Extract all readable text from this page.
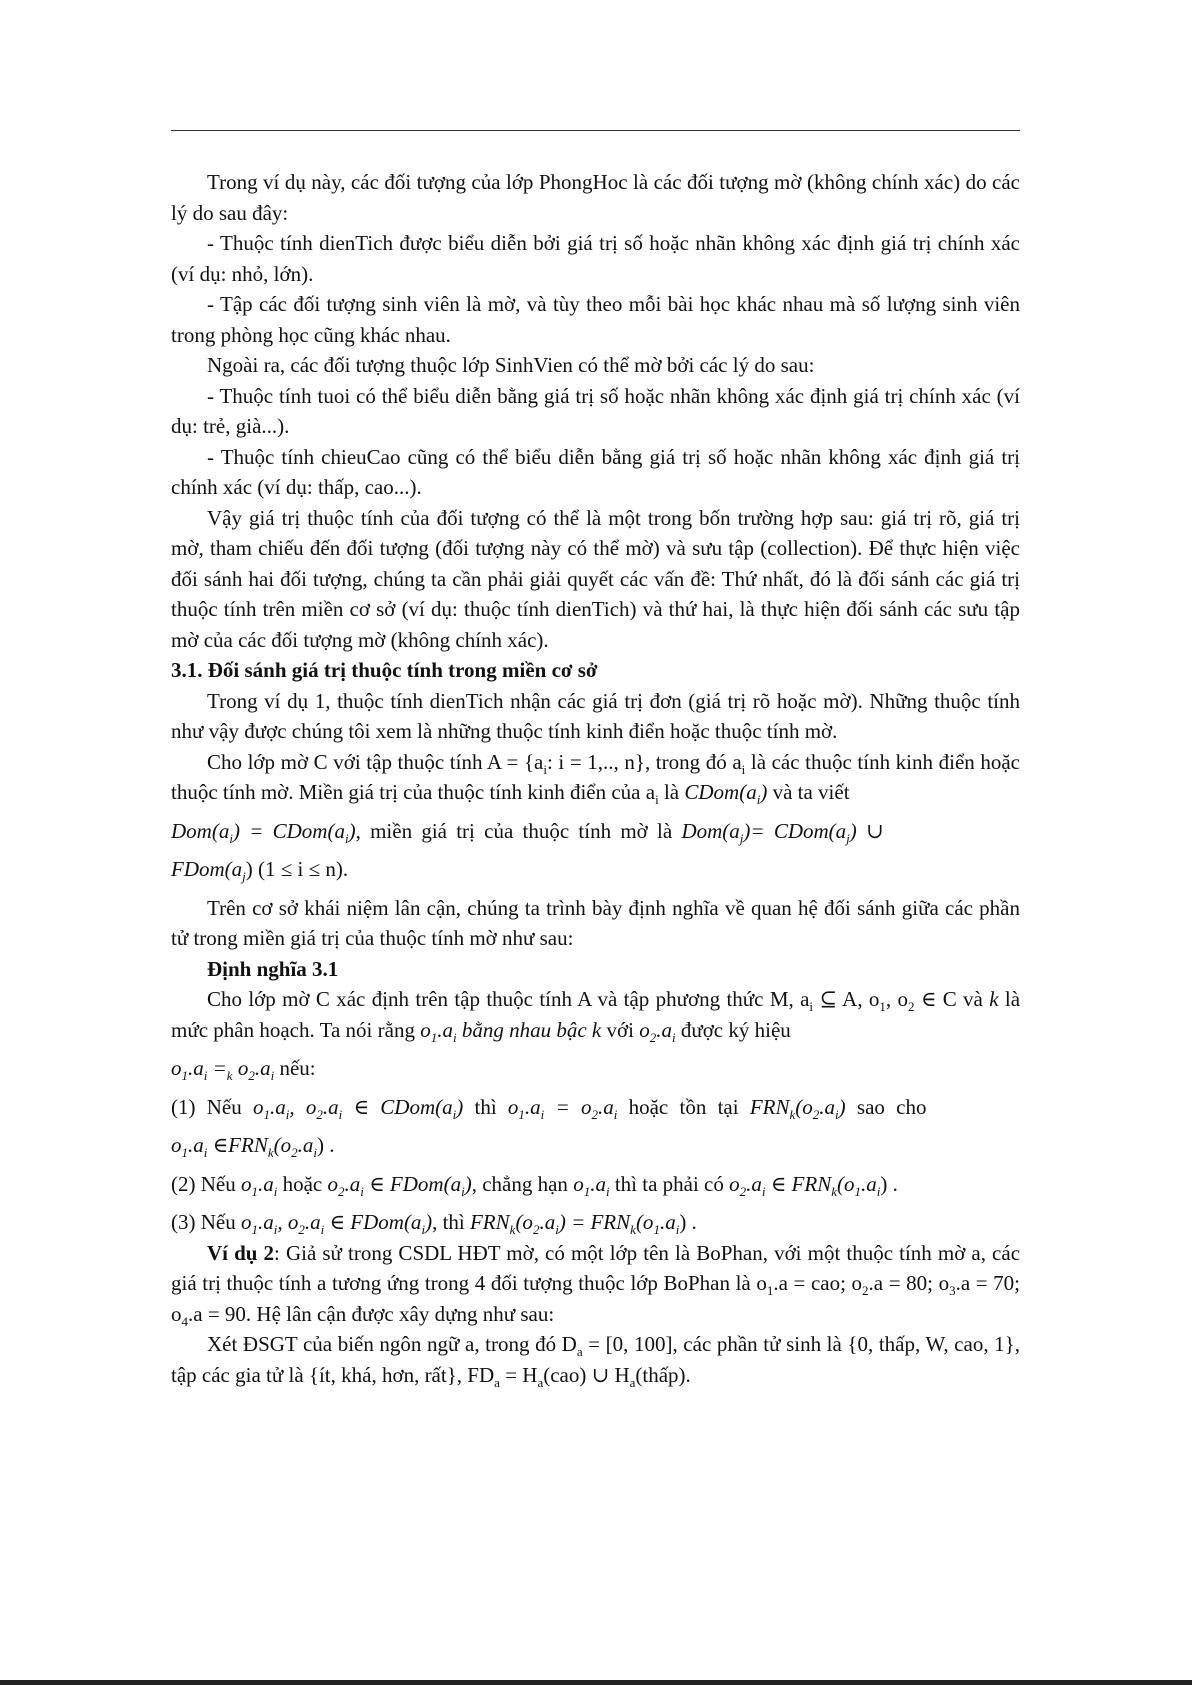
Trong ví dụ này, các đối tượng của lớp PhongHoc là các đối tượng mờ (không chính xác) do các lý do sau đây:

- Thuộc tính dienTich được biểu diễn bởi giá trị số hoặc nhãn không xác định giá trị chính xác (ví dụ: nhỏ, lớn).

- Tập các đối tượng sinh viên là mờ, và tùy theo mỗi bài học khác nhau mà số lượng sinh viên trong phòng học cũng khác nhau.

Ngoài ra, các đối tượng thuộc lớp SinhVien có thể mờ bởi các lý do sau:

- Thuộc tính tuoi có thể biểu diễn bằng giá trị số hoặc nhãn không xác định giá trị chính xác (ví dụ: trẻ, già...).

- Thuộc tính chieuCao cũng có thể biểu diễn bằng giá trị số hoặc nhãn không xác định giá trị chính xác (ví dụ: thấp, cao...).

Vậy giá trị thuộc tính của đối tượng có thể là một trong bốn trường hợp sau: giá trị rõ, giá trị mờ, tham chiếu đến đối tượng (đối tượng này có thể mờ) và sưu tập (collection). Để thực hiện việc đối sánh hai đối tượng, chúng ta cần phải giải quyết các vấn đề: Thứ nhất, đó là đối sánh các giá trị thuộc tính trên miền cơ sở (ví dụ: thuộc tính dienTich) và thứ hai, là thực hiện đối sánh các sưu tập mờ của các đối tượng mờ (không chính xác).

3.1. Đối sánh giá trị thuộc tính trong miền cơ sở

Trong ví dụ 1, thuộc tính dienTich nhận các giá trị đơn (giá trị rõ hoặc mờ). Những thuộc tính như vậy được chúng tôi xem là những thuộc tính kinh điển hoặc thuộc tính mờ.

Cho lớp mờ C với tập thuộc tính $A = \{a_i$: i = 1,.., n}, trong đó $a_i$ là các thuộc tính kinh điển hoặc thuộc tính mờ. Miền giá trị của thuộc tính kinh điển của $a_i$ là $CDom(a_i)$ và ta viết

$Dom(a_i)$ = $CDom(a_i)$, miền giá trị của thuộc tính mờ là $Dom(a_j)=$ $CDom(a_j)$ ∪

$FDom(a_j) (1 \le i \le n)$.

Trên cơ sở khái niệm lân cận, chúng ta trình bày định nghĩa về quan hệ đối sánh giữa các phần tử trong miền giá trị của thuộc tính mờ như sau:

Định nghĩa 3.1

Cho lớp mờ C xác định trên tập thuộc tính A và tập phương thức M, $a_i$ ⊆ A, $o_1$, $o_2$ ∈ C và k là mức phân hoạch. Ta nói rằng $o_1.a_i$ bằng nhau bậc k với $o_2.a_i$ được ký hiệu

$o_1.a_i =_k$ $o_2.a_i$ nếu:

(1) Nếu $o_1.a_i$, $o_2.a_i$ ∈ $CDom(a_i)$ thì $o_1.a_i = o_2.a_i$ hoặc tồn tại $FRN_k(o_2.a_i)$ sao cho

$o_1.a_i$ $\in FRN_k(o_2.a_i)$ .

(2) Nếu $o_1.a_i$ hoặc $o_2.a_i$ ∈ $FDom(a_i)$, chẳng hạn $o_1.a_i$ thì ta phải có $o_2.a_i$ ∈ $FRN_k(o_1.a_i)$ .

(3) Nếu $o_1.a_i$, $o_2.a_i$ ∈ $FDom(a_i)$, thì $FRN_k(o_2.a_i) = FRN_k(o_1.a_i)$ .

Ví dụ 2: Giả sử trong CSDL HĐT mờ, có một lớp tên là BoPhan, với một thuộc tính mờ a, các giá trị thuộc tính a tương ứng trong 4 đối tượng thuộc lớp BoPhan là $o_1.a$ = cao; $o_2.a = 80$; $o_3.a = 70$; $o_4.a = 90$. Hệ lân cận được xây dựng như sau:

Xét ĐSGT của biến ngôn ngữ a, trong đó $D_a = [0$, 100], các phần tử sinh là {0, thấp, W, cao, 1}, tập các gia tử là {ít, khá, hơn, rất}, $FD_a = H_a(cao)$ ∪ $H_a(thấp)$.
